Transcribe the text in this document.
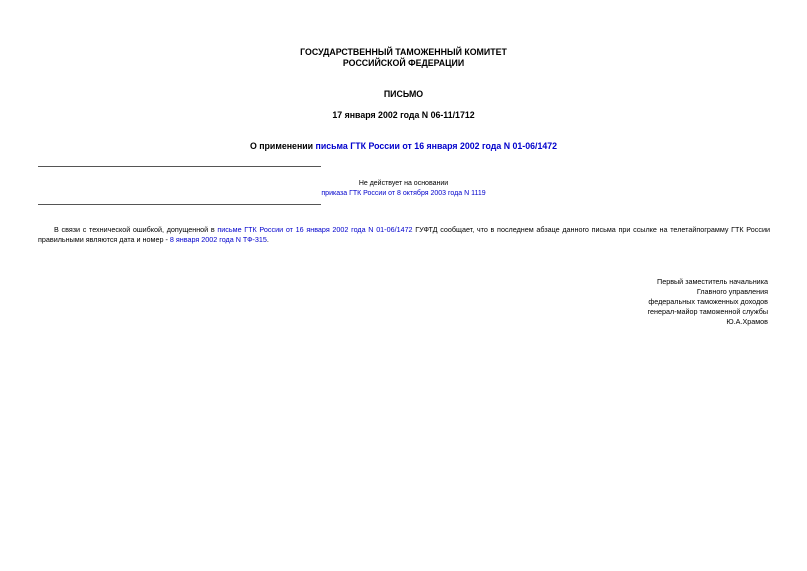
ГОСУДАРСТВЕННЫЙ ТАМОЖЕННЫЙ КОМИТЕТ
РОССИЙСКОЙ ФЕДЕРАЦИИ
ПИСЬМО
17 января 2002 года N 06-11/1712
О применении письма ГТК России от 16 января 2002 года N 01-06/1472
Не действует на основании
приказа ГТК России от 8 октября 2003 года N 1119
В связи с технической ошибкой, допущенной в письме ГТК России от 16 января 2002 года N 01-06/1472 ГУФТД сообщает, что в последнем абзаце данного письма при ссылке на телетайпограмму ГТК России правильными являются дата и номер - 8 января 2002 года N ТФ-315.
Первый заместитель начальника
Главного управления
федеральных таможенных доходов
генерал-майор таможенной службы
Ю.А.Храмов
